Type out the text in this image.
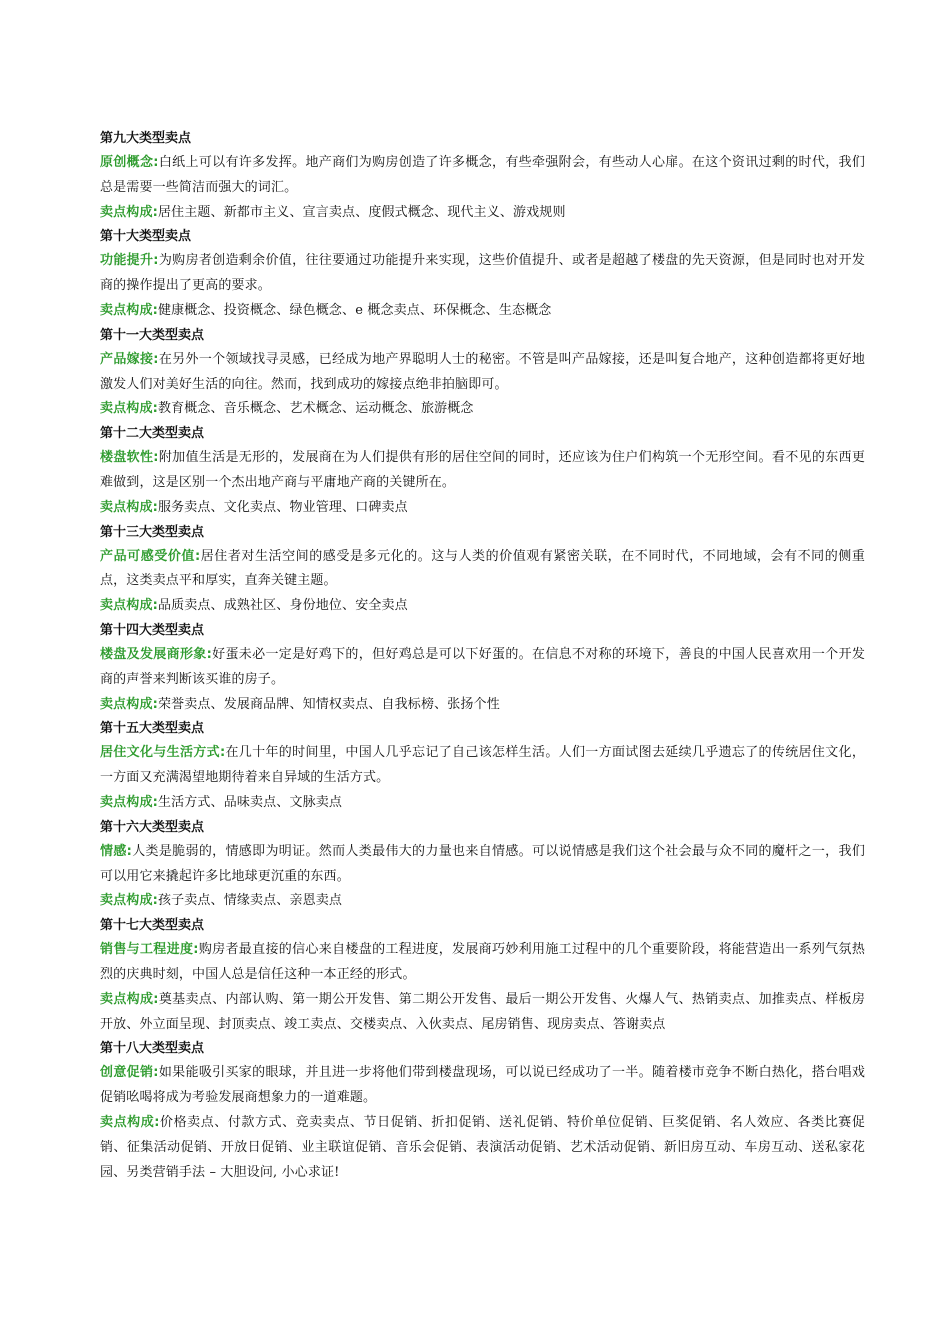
第九大类型卖点

原创概念:白纸上可以有许多发挥。地产商们为购房创造了许多概念，有些牵强附会，有些动人心扉。在这个资讯过剩的时代，我们总是需要一些简洁而强大的词汇。

卖点构成:居住主题、新都市主义、宣言卖点、度假式概念、现代主义、游戏规则

第十大类型卖点

功能提升:为购房者创造剩余价值，往往要通过功能提升来实现，这些价值提升、或者是超越了楼盘的先天资源，但是同时也对开发商的操作提出了更高的要求。

卖点构成:健康概念、投资概念、绿色概念、e 概念卖点、环保概念、生态概念

第十一大类型卖点

产品嫁接:在另外一个领域找寻灵感，已经成为地产界聪明人士的秘密。不管是叫产品嫁接，还是叫复合地产，这种创造都将更好地激发人们对美好生活的向往。然而，找到成功的嫁接点绝非拍脑即可。

卖点构成:教育概念、音乐概念、艺术概念、运动概念、旅游概念

第十二大类型卖点

楼盘软性:附加值生活是无形的，发展商在为人们提供有形的居住空间的同时，还应该为住户们构筑一个无形空间。看不见的东西更难做到，这是区别一个杰出地产商与平庸地产商的关键所在。

卖点构成:服务卖点、文化卖点、物业管理、口碑卖点

第十三大类型卖点

产品可感受价值:居住者对生活空间的感受是多元化的。这与人类的价值观有紧密关联，在不同时代，不同地域，会有不同的侧重点，这类卖点平和厚实，直奔关键主题。

卖点构成:品质卖点、成熟社区、身份地位、安全卖点

第十四大类型卖点

楼盘及发展商形象:好蛋未必一定是好鸡下的，但好鸡总是可以下好蛋的。在信息不对称的环境下，善良的中国人民喜欢用一个开发商的声誉来判断该买谁的房子。

卖点构成:荣誉卖点、发展商品牌、知情权卖点、自我标榜、张扬个性

第十五大类型卖点

居住文化与生活方式:在几十年的时间里，中国人几乎忘记了自己该怎样生活。人们一方面试图去延续几乎遗忘了的传统居住文化，一方面又充满渴望地期待着来自异域的生活方式。

卖点构成:生活方式、品味卖点、文脉卖点

第十六大类型卖点

情感:人类是脆弱的，情感即为明证。然而人类最伟大的力量也来自情感。可以说情感是我们这个社会最与众不同的魔杆之一，我们可以用它来撬起许多比地球更沉重的东西。

卖点构成:孩子卖点、情缘卖点、亲恩卖点

第十七大类型卖点

销售与工程进度:购房者最直接的信心来自楼盘的工程进度，发展商巧妙利用施工过程中的几个重要阶段，将能营造出一系列气氛热烈的庆典时刻，中国人总是信任这种一本正经的形式。

卖点构成:奠基卖点、内部认购、第一期公开发售、第二期公开发售、最后一期公开发售、火爆人气、热销卖点、加推卖点、样板房开放、外立面呈现、封顶卖点、竣工卖点、交楼卖点、入伙卖点、尾房销售、现房卖点、答谢卖点

第十八大类型卖点

创意促销:如果能吸引买家的眼球，并且进一步将他们带到楼盘现场，可以说已经成功了一半。随着楼市竞争不断白热化，搭台唱戏促销吆喝将成为考验发展商想象力的一道难题。

卖点构成:价格卖点、付款方式、竞卖卖点、节日促销、折扣促销、送礼促销、特价单位促销、巨奖促销、名人效应、各类比赛促销、征集活动促销、开放日促销、业主联谊促销、音乐会促销、表演活动促销、艺术活动促销、新旧房互动、车房互动、送私家花园、另类营销手法 – 大胆设问, 小心求证!
